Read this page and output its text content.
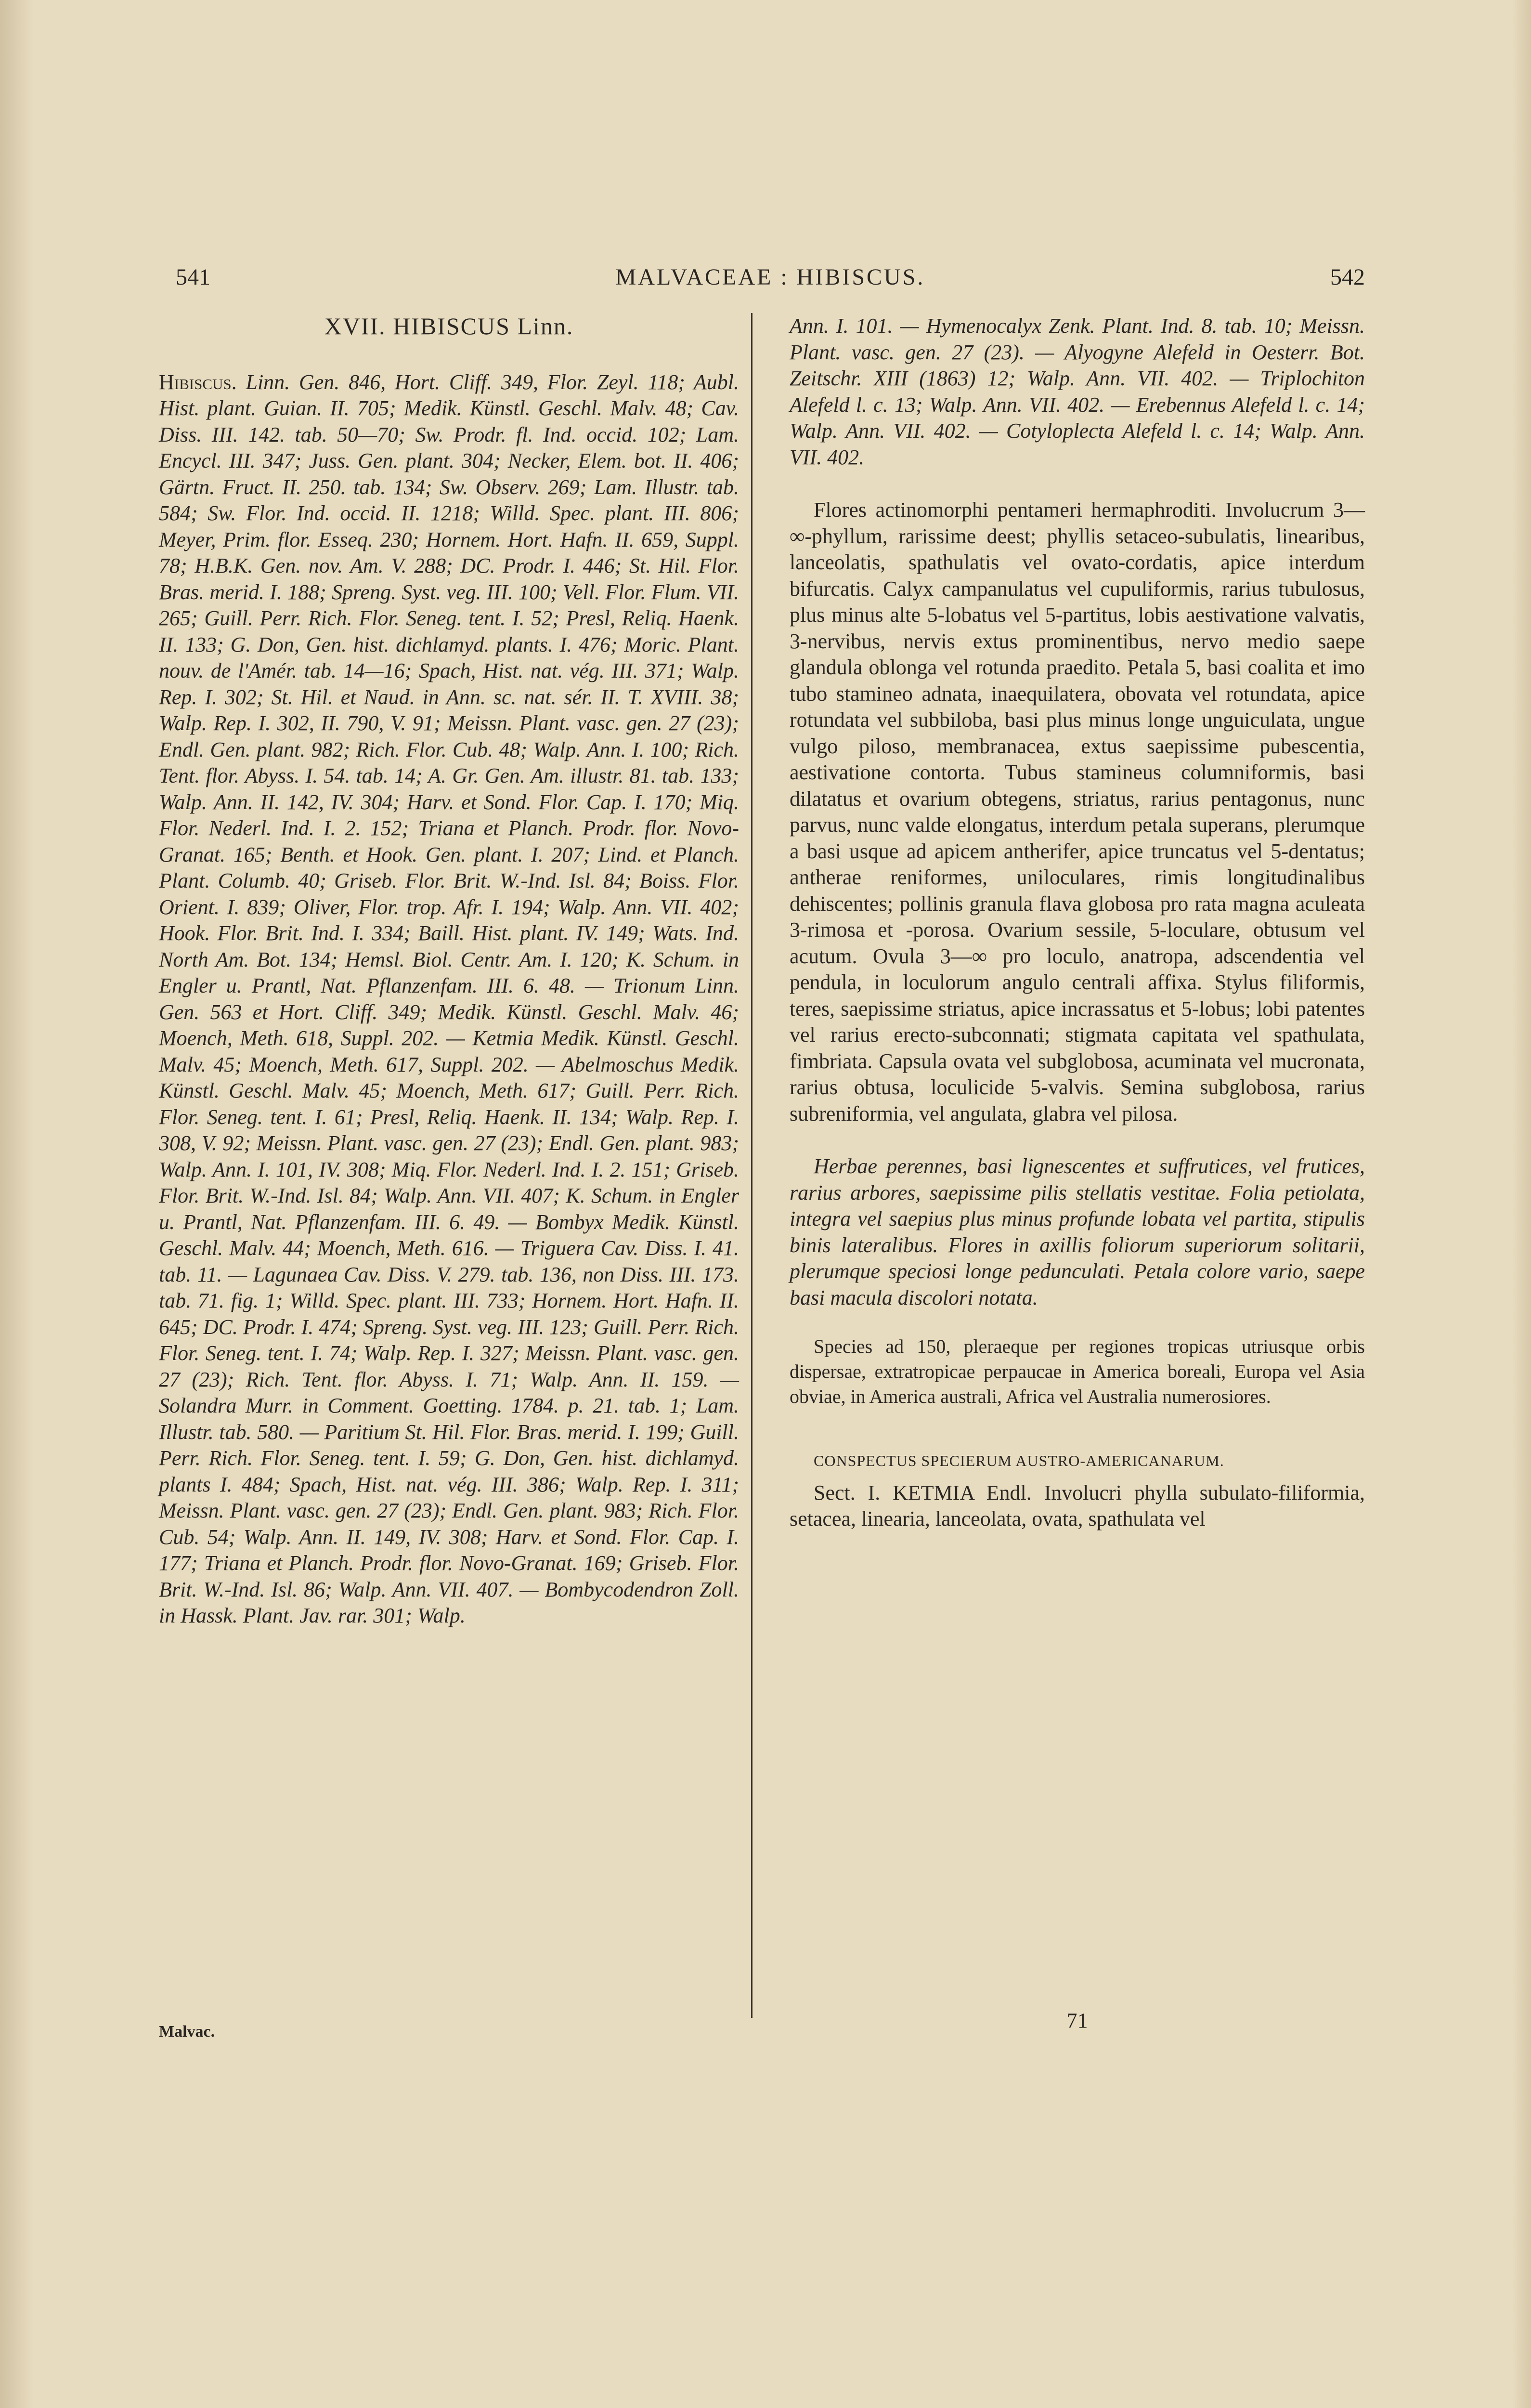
541	MALVACEAE : HIBISCUS.	542
XVII. HIBISCUS Linn.

Hibiscus. Linn. Gen. 846, Hort. Cliff. 349, Flor. Zeyl. 118; Aubl. Hist. plant. Guian. II. 705; Medik. Künstl. Geschl. Malv. 48; Cav. Diss. III. 142. tab. 50—70; Sw. Prodr. fl. Ind. occid. 102; Lam. Encycl. III. 347; Juss. Gen. plant. 304; Necker, Elem. bot. II. 406; Gärtn. Fruct. II. 250. tab. 134; Sw. Observ. 269; Lam. Illustr. tab. 584; Sw. Flor. Ind. occid. II. 1218; Willd. Spec. plant. III. 806; Meyer, Prim. flor. Esseq. 230; Hornem. Hort. Hafn. II. 659, Suppl. 78; H.B.K. Gen. nov. Am. V. 288; DC. Prodr. I. 446; St. Hil. Flor. Bras. merid. I. 188; Spreng. Syst. veg. III. 100; Vell. Flor. Flum. VII. 265; Guill. Perr. Rich. Flor. Seneg. tent. I. 52; Presl, Reliq. Haenk. II. 133; G. Don, Gen. hist. dichlamyd. plants. I. 476; Moric. Plant. nouv. de l'Amér. tab. 14—16; Spach, Hist. nat. vég. III. 371; Walp. Rep. I. 302; St. Hil. et Naud. in Ann. sc. nat. sér. II. T. XVIII. 38; Walp. Rep. I. 302, II. 790, V. 91; Meissn. Plant. vasc. gen. 27 (23); Endl. Gen. plant. 982; Rich. Flor. Cub. 48; Walp. Ann. I. 100; Rich. Tent. flor. Abyss. I. 54. tab. 14; A. Gr. Gen. Am. illustr. 81. tab. 133; Walp. Ann. II. 142, IV. 304; Harv. et Sond. Flor. Cap. I. 170; Miq. Flor. Nederl. Ind. I. 2. 152; Triana et Planch. Prodr. flor. Novo-Granat. 165; Benth. et Hook. Gen. plant. I. 207; Lind. et Planch. Plant. Columb. 40; Griseb. Flor. Brit. W.-Ind. Isl. 84; Boiss. Flor. Orient. I. 839; Oliver, Flor. trop. Afr. I. 194; Walp. Ann. VII. 402; Hook. Flor. Brit. Ind. I. 334; Baill. Hist. plant. IV. 149; Wats. Ind. North Am. Bot. 134; Hemsl. Biol. Centr. Am. I. 120; K. Schum. in Engler u. Prantl, Nat. Pflanzenfam. III. 6. 48. — Trionum Linn. Gen. 563 et Hort. Cliff. 349; Medik. Künstl. Geschl. Malv. 46; Moench, Meth. 618, Suppl. 202. — Ketmia Medik. Künstl. Geschl. Malv. 45; Moench, Meth. 617, Suppl. 202. — Abelmoschus Medik. Künstl. Geschl. Malv. 45; Moench, Meth. 617; Guill. Perr. Rich. Flor. Seneg. tent. I. 61; Presl, Reliq. Haenk. II. 134; Walp. Rep. I. 308, V. 92; Meissn. Plant. vasc. gen. 27 (23); Endl. Gen. plant. 983; Walp. Ann. I. 101, IV. 308; Miq. Flor. Nederl. Ind. I. 2. 151; Griseb. Flor. Brit. W.-Ind. Isl. 84; Walp. Ann. VII. 407; K. Schum. in Engler u. Prantl, Nat. Pflanzenfam. III. 6. 49. — Bombyx Medik. Künstl. Geschl. Malv. 44; Moench, Meth. 616. — Triguera Cav. Diss. I. 41. tab. 11. — Lagunaea Cav. Diss. V. 279. tab. 136, non Diss. III. 173. tab. 71. fig. 1; Willd. Spec. plant. III. 733; Hornem. Hort. Hafn. II. 645; DC. Prodr. I. 474; Spreng. Syst. veg. III. 123; Guill. Perr. Rich. Flor. Seneg. tent. I. 74; Walp. Rep. I. 327; Meissn. Plant. vasc. gen. 27 (23); Rich. Tent. flor. Abyss. I. 71; Walp. Ann. II. 159. — Solandra Murr. in Comment. Goetting. 1784. p. 21. tab. 1; Lam. Illustr. tab. 580. — Paritium St. Hil. Flor. Bras. merid. I. 199; Guill. Perr. Rich. Flor. Seneg. tent. I. 59; G. Don, Gen. hist. dichlamyd. plants I. 484; Spach, Hist. nat. vég. III. 386; Walp. Rep. I. 311; Meissn. Plant. vasc. gen. 27 (23); Endl. Gen. plant. 983; Rich. Flor. Cub. 54; Walp. Ann. II. 149, IV. 308; Harv. et Sond. Flor. Cap. I. 177; Triana et Planch. Prodr. flor. Novo-Granat. 169; Griseb. Flor. Brit. W.-Ind. Isl. 86; Walp. Ann. VII. 407. — Bombycodendron Zoll. in Hassk. Plant. Jav. rar. 301; Walp.

Malvac.

Ann. I. 101. — Hymenocalyx Zenk. Plant. Ind. 8. tab. 10; Meissn. Plant. vasc. gen. 27 (23). — Alyogyne Alefeld in Oesterr. Bot. Zeitschr. XIII (1863) 12; Walp. Ann. VII. 402. — Triplochiton Alefeld l. c. 13; Walp. Ann. VII. 402. — Erebennus Alefeld l. c. 14; Walp. Ann. VII. 402. — Cotyloplecta Alefeld l. c. 14; Walp. Ann. VII. 402.

Flores actinomorphi pentameri hermaphroditi. Involucrum 3—∞-phyllum, rarissime deest; phyllis setaceo-subulatis, linearibus, lanceolatis, spathulatis vel ovato-cordatis, apice interdum bifurcatis. Calyx campanulatus vel cupuliformis, rarius tubulosus, plus minus alte 5-lobatus vel 5-partitus, lobis aestivatione valvatis, 3-nervibus, nervis extus prominentibus, nervo medio saepe glandula oblonga vel rotunda praedito. Petala 5, basi coalita et imo tubo stamineo adnata, inaequilatera, obovata vel rotundata, apice rotundata vel subbiloba, basi plus minus longe unguiculata, ungue vulgo piloso, membranacea, extus saepissime pubescentia, aestivatione contorta. Tubus stamineus columniformis, basi dilatatus et ovarium obtegens, striatus, rarius pentagonus, nunc parvus, nunc valde elongatus, interdum petala superans, plerumque a basi usque ad apicem antherifer, apice truncatus vel 5-dentatus; antherae reniformes, uniloculares, rimis longitudinalibus dehiscentes; pollinis granula flava globosa pro rata magna aculeata 3-rimosa et -porosa. Ovarium sessile, 5-loculare, obtusum vel acutum. Ovula 3—∞ pro loculo, anatropa, adscendentia vel pendula, in loculorum angulo centrali affixa. Stylus filiformis, teres, saepissime striatus, apice incrassatus et 5-lobus; lobi patentes vel rarius erecto-subconnati; stigmata capitata vel spathulata, fimbriata. Capsula ovata vel subglobosa, acuminata vel mucronata, rarius obtusa, loculicide 5-valvis. Semina subglobosa, rarius subreniformia, vel angulata, glabra vel pilosa.

Herbae perennes, basi lignescentes et suffrutices, vel frutices, rarius arbores, saepissime pilis stellatis vestitae. Folia petiolata, integra vel saepius plus minus profunde lobata vel partita, stipulis binis lateralibus. Flores in axillis foliorum superiorum solitarii, plerumque speciosi longe pedunculati. Petala colore vario, saepe basi macula discolori notata.

Species ad 150, pleraeque per regiones tropicas utriusque orbis dispersae, extratropicae perpaucae in America boreali, Europa vel Asia obviae, in America australi, Africa vel Australia numerosiores.

CONSPECTUS SPECIERUM AUSTRO-AMERICANARUM.

Sect. I. KETMIA Endl. Involucri phylla subulato-filiformia, setacea, linearia, lanceolata, ovata, spathulata vel

71
